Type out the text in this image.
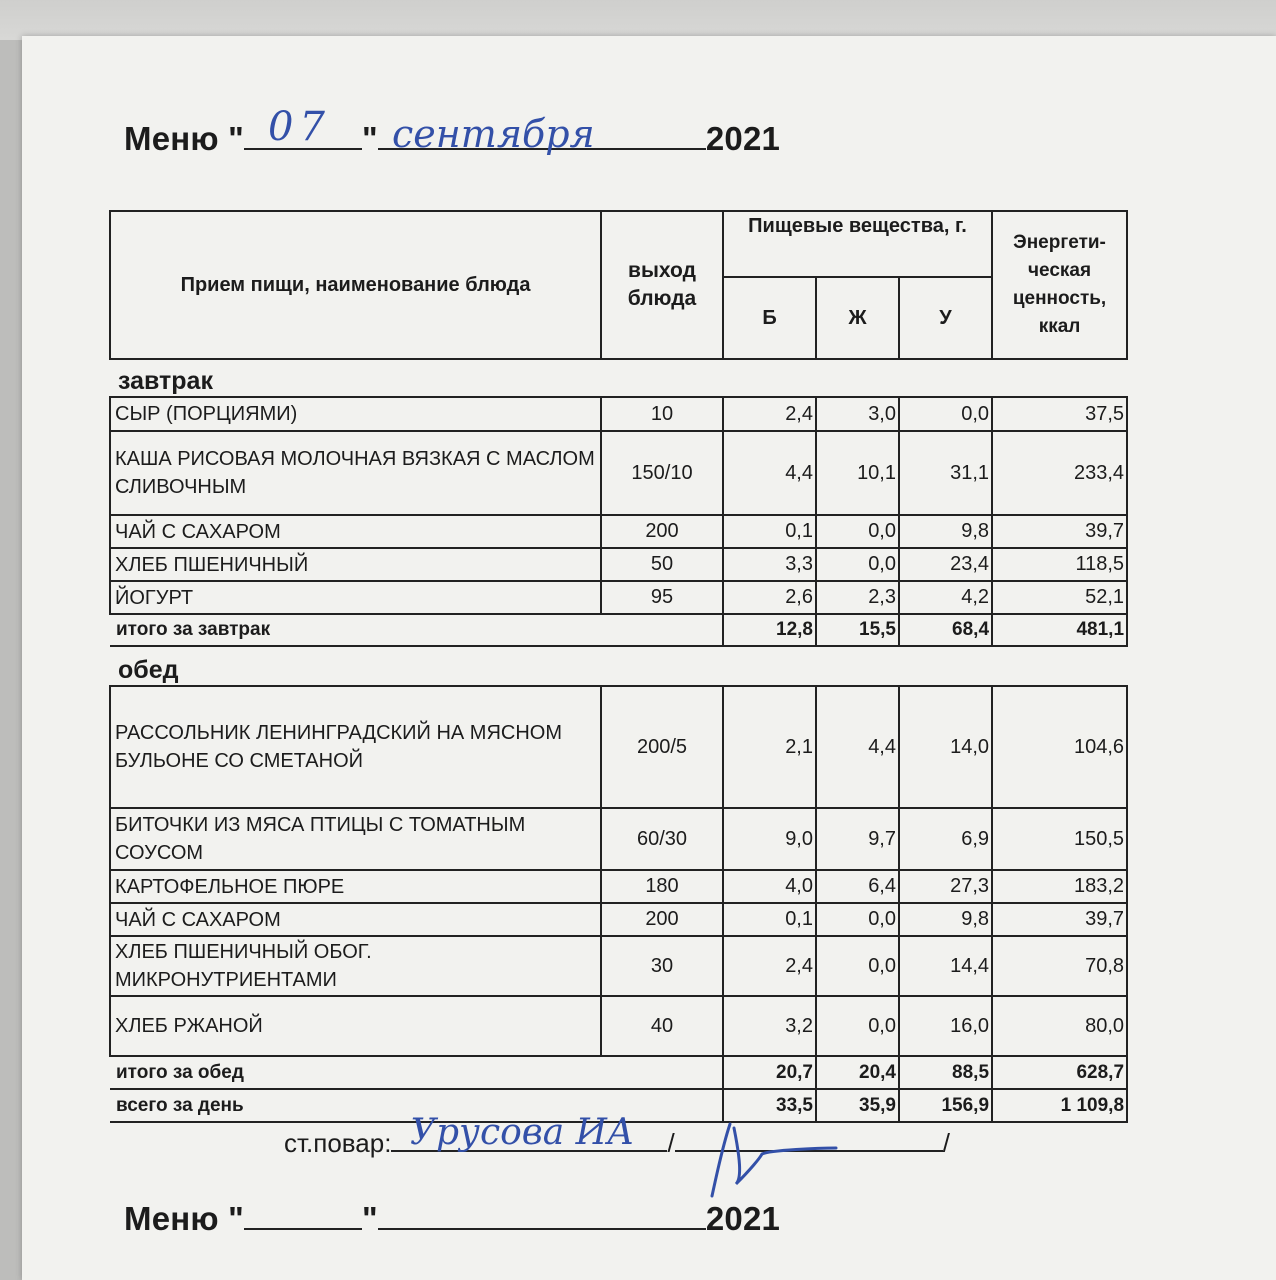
Меню "	"	2021
07 сентября
Прием пищи, наименование блюда	выход блюда	Пищевые вещества, г.			Энергети-ческая ценность, ккал
		Б	Ж	У	
завтрак					
СЫР (ПОРЦИЯМИ)	10	2,4	3,0	0,0	37,5
КАША РИСОВАЯ МОЛОЧНАЯ ВЯЗКАЯ С МАСЛОМ СЛИВОЧНЫМ	150/10	4,4	10,1	31,1	233,4
ЧАЙ С САХАРОМ	200	0,1	0,0	9,8	39,7
ХЛЕБ ПШЕНИЧНЫЙ	50	3,3	0,0	23,4	118,5
ЙОГУРТ	95	2,6	2,3	4,2	52,1
итого за завтрак		12,8	15,5	68,4	481,1
обед					
РАССОЛЬНИК ЛЕНИНГРАДСКИЙ НА МЯСНОМ БУЛЬОНЕ СО СМЕТАНОЙ	200/5	2,1	4,4	14,0	104,6
БИТОЧКИ ИЗ МЯСА ПТИЦЫ С ТОМАТНЫМ СОУСОМ	60/30	9,0	9,7	6,9	150,5
КАРТОФЕЛЬНОЕ ПЮРЕ	180	4,0	6,4	27,3	183,2
ЧАЙ С САХАРОМ	200	0,1	0,0	9,8	39,7
ХЛЕБ ПШЕНИЧНЫЙ ОБОГ. МИКРОНУТРИЕНТАМИ	30	2,4	0,0	14,4	70,8
ХЛЕБ РЖАНОЙ	40	3,2	0,0	16,0	80,0
итого за обед		20,7	20,4	88,5	628,7
всего за день		33,5	35,9	156,9	1 109,8
ст.повар:	/	/
Урусова ИА
Меню "	"	2021
